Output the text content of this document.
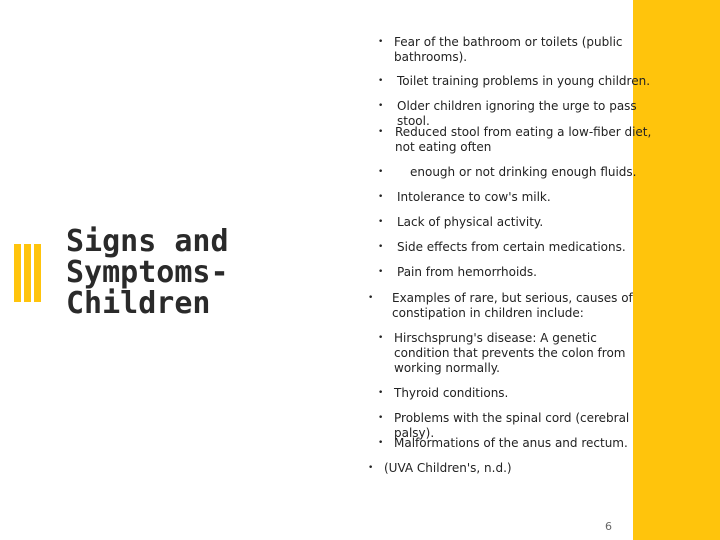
Signs and Symptoms- Children
• Fear of the bathroom or toilets (public bathrooms).
•	Toilet training problems in young children.
•	Older children ignoring the urge to pass stool.
• Reduced stool from eating a low-fiber diet, not eating often
•	enough or not drinking enough fluids.
•	Intolerance to cow's milk.
•	Lack of physical activity.
•	Side effects from certain medications.
•	Pain from hemorrhoids.
•	Examples of rare, but serious, causes of constipation in children include:
• Hirschsprung's disease: A genetic condition that prevents the colon from working normally.
• Thyroid conditions.
• Problems with the spinal cord (cerebral palsy).
• Malformations of the anus and rectum.
• (UVA Children's, n.d.)
6
